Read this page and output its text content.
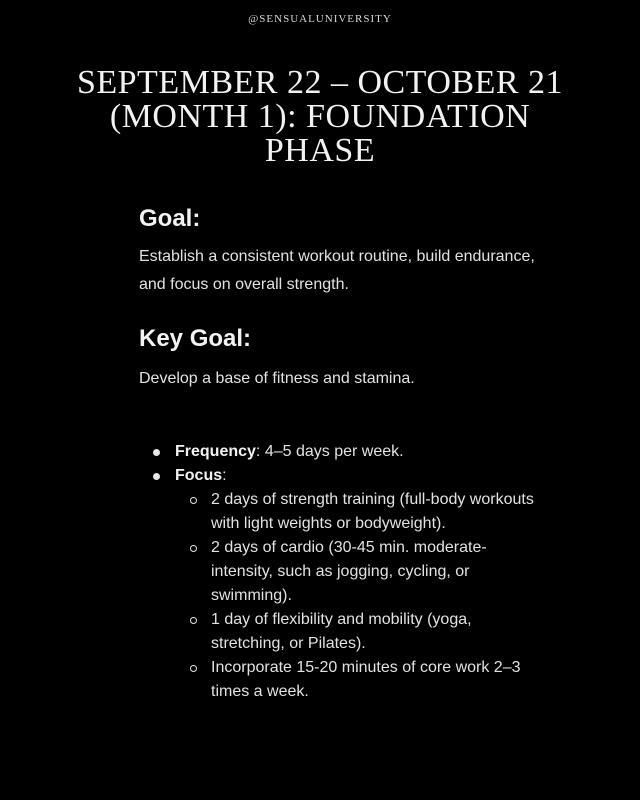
@SENSUALUNIVERSITY
SEPTEMBER 22 – OCTOBER 21
(MONTH 1): FOUNDATION
PHASE
Goal:

Establish a consistent workout routine, build endurance, and focus on overall strength.

Key Goal:

Develop a base of fitness and stamina.

Frequency: 4–5 days per week.
Focus:
2 days of strength training (full-body workouts with light weights or bodyweight).
2 days of cardio (30-45 min. moderate-intensity, such as jogging, cycling, or swimming).
1 day of flexibility and mobility (yoga, stretching, or Pilates).
Incorporate 15-20 minutes of core work 2–3 times a week.
